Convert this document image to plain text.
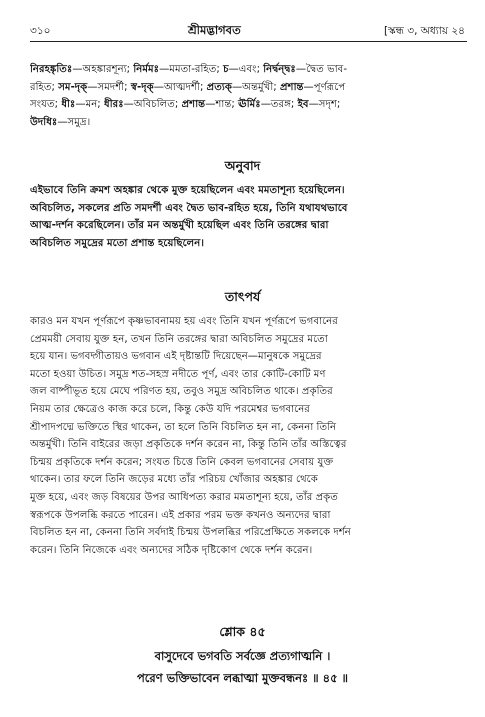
৩১০	শ্রীমদ্ভাগবত	[স্কন্ধ ৩, অধ্যায় ২৪
নিরহঙ্কৃতিঃ—অহঙ্কারশূন্য; নির্মমঃ—মমতা-রহিত; চ—এবং; নির্দ্বন্দ্বঃ—দ্বৈত ভাব-
রহিত; সম-দৃক্—সমদর্শী; স্ব-দৃক্—আত্মদর্শী; প্রত্যক্—অন্তর্মুখী; প্রশান্ত—পূর্ণরূপে
সংযত; ধীঃ—মন; ধীরঃ—অবিচলিত; প্রশান্ত—শান্ত; ঊর্মিঃ—তরঙ্গ; ইব—সদৃশ;
উদধিঃ—সমুদ্র।
অনুবাদ
এইভাবে তিনি ক্রমশ অহঙ্কার থেকে মুক্ত হয়েছিলেন এবং মমতাশূন্য হয়েছিলেন।
অবিচলিত, সকলের প্রতি সমদর্শী এবং দ্বৈত ভাব-রহিত হয়ে, তিনি যথাযথভাবে
আত্ম-দর্শন করেছিলেন। তাঁর মন অন্তর্মুখী হয়েছিল এবং তিনি তরঙ্গের দ্বারা
অবিচলিত সমুদ্রের মতো প্রশান্ত হয়েছিলেন।
তাৎপর্য
কারও মন যখন পূর্ণরূপে কৃষ্ণভাবনাময় হয় এবং তিনি যখন পূর্ণরূপে ভগবানের
প্রেমময়ী সেবায় যুক্ত হন, তখন তিনি তরঙ্গের দ্বারা অবিচলিত সমুদ্রের মতো
হয়ে যান। ভগবদ্গীতায়ও ভগবান এই দৃষ্টান্তটি দিয়েছেন—মানুষকে সমুদ্রের
মতো হওয়া উচিত। সমুদ্র শত-সহস্র নদীতে পূর্ণ, এবং তার কোটি-কোটি মণ
জল বাষ্পীভূত হয়ে মেঘে পরিণত হয়, তবুও সমুদ্র অবিচলিত থাকে। প্রকৃতির
নিয়ম তার ক্ষেত্রেও কাজ করে চলে, কিন্তু কেউ যদি পরমেশ্বর ভগবানের
শ্রীপাদপদ্মে ভক্তিতে স্থির থাকেন, তা হলে তিনি বিচলিত হন না, কেননা তিনি
অন্তর্মুখী। তিনি বাইরের জড়া প্রকৃতিকে দর্শন করেন না, কিন্তু তিনি তাঁর অস্তিত্বের
চিন্ময় প্রকৃতিকে দর্শন করেন; সংযত চিত্তে তিনি কেবল ভগবানের সেবায় যুক্ত
থাকেন। তার ফলে তিনি জড়ের মধ্যে তাঁর পরিচয় খোঁজার অহঙ্কার থেকে
মুক্ত হয়ে, এবং জড় বিষয়ের উপর আধিপত্য করার মমতাশূন্য হয়ে, তাঁর প্রকৃত
স্বরূপকে উপলব্ধি করতে পারেন। এই প্রকার পরম ভক্ত কখনও অন্যদের দ্বারা
বিচলিত হন না, কেননা তিনি সর্বদাই চিন্ময় উপলব্ধির পরিপ্রেক্ষিতে সকলকে দর্শন
করেন। তিনি নিজেকে এবং অন্যদের সঠিক দৃষ্টিকোণ থেকে দর্শন করেন।
শ্লোক ৪৫
বাসুদেবে ভগবতি সর্বজ্ঞে প্রত্যগাত্মনি ।
পরেণ ভক্তিভাবেন লব্ধাত্মা মুক্তবন্ধনঃ ॥ ৪৫ ॥
